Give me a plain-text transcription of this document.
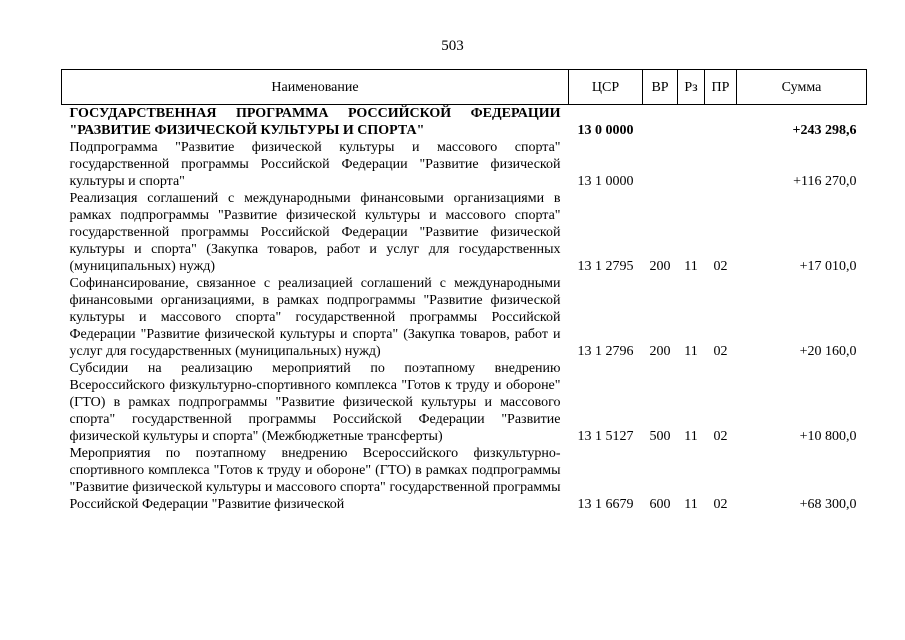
503
Наименование	ЦСР	ВР	Рз	ПР	Сумма
ГОСУДАРСТВЕННАЯ ПРОГРАММА РОССИЙСКОЙ ФЕДЕРАЦИИ "РАЗВИТИЕ ФИЗИЧЕСКОЙ КУЛЬТУРЫ И СПОРТА"	13 0 0000				+243 298,6
Подпрограмма "Развитие физической культуры и массового спорта" государственной программы Российской Федерации "Развитие физической культуры и спорта"	13 1 0000				+116 270,0
Реализация соглашений с международными финансовыми организациями в рамках подпрограммы "Развитие физической культуры и массового спорта" государственной программы Российской Федерации "Развитие физической культуры и спорта" (Закупка товаров, работ и услуг для государственных (муниципальных) нужд)	13 1 2795	200	11	02	+17 010,0
Софинансирование, связанное с реализацией соглашений с международными финансовыми организациями, в рамках подпрограммы "Развитие физической культуры и массового спорта" государственной программы Российской Федерации "Развитие физической культуры и спорта" (Закупка товаров, работ и услуг для государственных (муниципальных) нужд)	13 1 2796	200	11	02	+20 160,0
Субсидии на реализацию мероприятий по поэтапному внедрению Всероссийского физкультурно-спортивного комплекса "Готов к труду и обороне" (ГТО) в рамках подпрограммы "Развитие физической культуры и массового спорта" государственной программы Российской Федерации "Развитие физической культуры и спорта" (Межбюджетные трансферты)	13 1 5127	500	11	02	+10 800,0
Мероприятия по поэтапному внедрению Всероссийского физкультурно-спортивного комплекса "Готов к труду и обороне" (ГТО) в рамках подпрограммы "Развитие физической культуры и массового спорта" государственной программы Российской Федерации "Развитие физической	13 1 6679	600	11	02	+68 300,0
